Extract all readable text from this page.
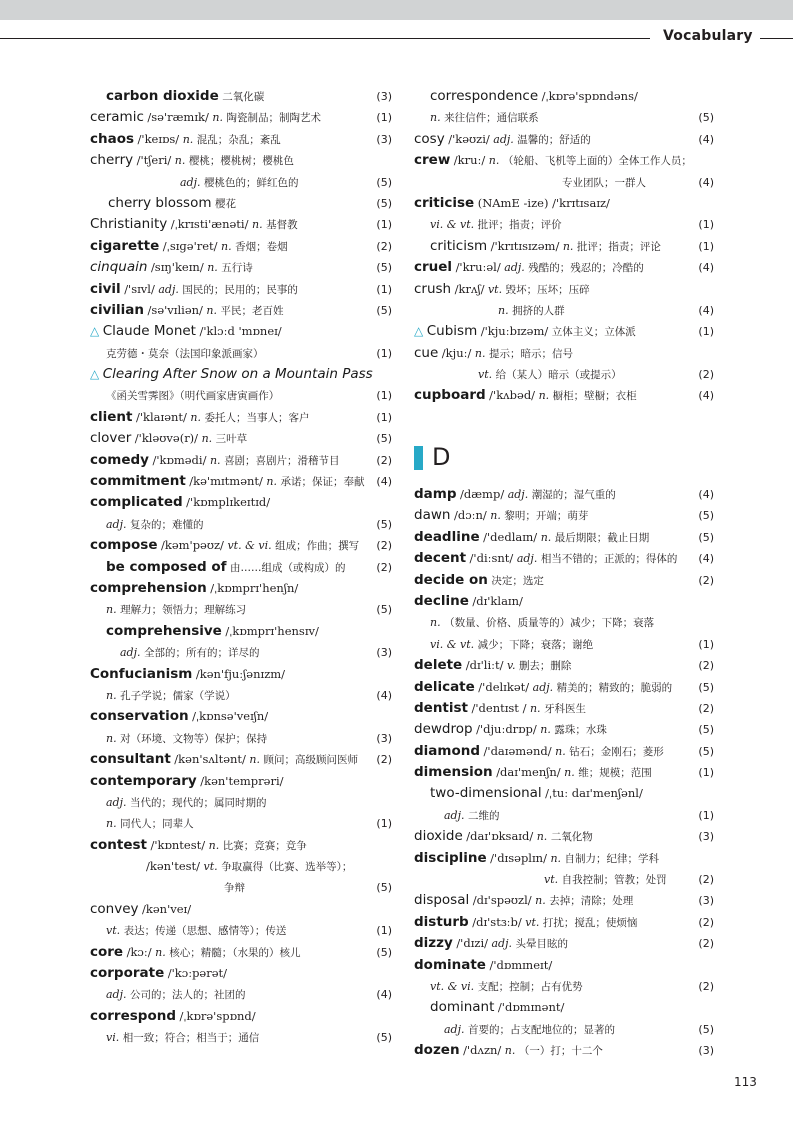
Vocabulary
carbon dioxide 二氧化碳	(3)
ceramic /sə'ræmɪk/ n. 陶瓷制品；制陶艺术	(1)
chaos /'keɪɒs/ n. 混乱；杂乱；紊乱	(3)
cherry /'tʃeri/ n. 樱桃；樱桃树；樱桃色
adj. 樱桃色的；鲜红色的	(5)
cherry blossom 樱花	(5)
Christianity /ˌkrɪsti'ænəti/ n. 基督教	(1)
cigarette /ˌsɪɡə'ret/ n. 香烟；卷烟	(2)
cinquain /sɪŋ'keɪn/ n. 五行诗	(5)
civil /'sɪvl/ adj. 国民的；民用的；民事的	(1)
civilian /sə'vɪliən/ n. 平民；老百姓	(5)
△ Claude Monet /'klɔːd 'mɒneɪ/
克劳德・莫奈（法国印象派画家）	(1)
△ Clearing After Snow on a Mountain Pass
《函关雪霁图》（明代画家唐寅画作）	(1)
client /'klaɪənt/ n. 委托人；当事人；客户	(1)
clover /'kləʊvə(r)/ n. 三叶草	(5)
comedy /'kɒmədi/ n. 喜剧；喜剧片；滑稽节目	(2)
commitment /kə'mɪtmənt/ n. 承诺；保证；奉献 (4)
complicated /'kɒmplɪkeɪtɪd/
adj. 复杂的；难懂的	(5)
compose /kəm'pəʊz/ vt. & vi. 组成；作曲；撰写 (2)
be composed of 由……组成（或构成）的	(2)
comprehension /ˌkɒmprɪ'henʃn/
n. 理解力；领悟力；理解练习	(5)
comprehensive /ˌkɒmprɪ'hensɪv/
adj. 全部的；所有的；详尽的	(3)
Confucianism /kən'fjuːʃənɪzm/
n. 孔子学说；儒家（学说）	(4)
conservation /ˌkɒnsə'veɪʃn/
n. 对（环境、文物等）保护；保持	(3)
consultant /kən'sʌltənt/ n. 顾问；高级顾问医师 (2)
contemporary /kən'temprəri/
adj. 当代的；现代的；属同时期的
n. 同代人；同辈人	(1)
contest /'kɒntest/ n. 比赛；竞赛；竞争
/kən'test/ vt. 争取赢得（比赛、选举等）；
争辩	(5)
convey /kən'veɪ/
vt. 表达；传递（思想、感情等）；传送	(1)
core /kɔː/ n. 核心；精髓；（水果的）核儿	(5)
corporate /'kɔːpərət/
adj. 公司的；法人的；社团的	(4)
correspond /ˌkɒrə'spɒnd/
vi. 相一致；符合；相当于；通信	(5)
correspondence /ˌkɒrə'spɒndəns/
n. 来往信件；通信联系	(5)
cosy /'kəʊzi/ adj. 温馨的；舒适的	(4)
crew /kruː/ n. （轮船、飞机等上面的）全体工作人员；
专业团队；一群人	(4)
criticise (NAmE -ize) /'krɪtɪsaɪz/
vi. & vt. 批评；指责；评价	(1)
criticism /'krɪtɪsɪzəm/ n. 批评；指责；评论	(1)
cruel /'kruːəl/ adj. 残酷的；残忍的；冷酷的	(4)
crush /krʌʃ/ vt. 毁坏；压坏；压碎
n. 拥挤的人群	(4)
△ Cubism /'kjuːbɪzəm/ 立体主义；立体派	(1)
cue /kjuː/ n. 提示；暗示；信号
vt. 给（某人）暗示（或提示）	(2)
cupboard /'kʌbəd/ n. 橱柜；壁橱；衣柜	(4)
D
damp /dæmp/ adj. 潮湿的；湿气重的	(4)
dawn /dɔːn/ n. 黎明；开端；萌芽	(5)
deadline /'dedlaɪn/ n. 最后期限；截止日期	(5)
decent /'diːsnt/ adj. 相当不错的；正派的；得体的 (4)
decide on 决定；选定	(2)
decline /dɪ'klaɪn/
n. （数量、价格、质量等的）减少；下降；衰落
vi. & vt. 减少；下降；衰落；谢绝	(1)
delete /dɪ'liːt/ v. 删去；删除	(2)
delicate /'delɪkət/ adj. 精美的；精致的；脆弱的 (5)
dentist /'dentɪst / n. 牙科医生	(2)
dewdrop /'djuːdrɒp/ n. 露珠；水珠	(5)
diamond /'daɪəmənd/ n. 钻石；金刚石；菱形	(5)
dimension /daɪ'menʃn/ n. 维；规模；范围	(1)
two-dimensional /ˌtuː daɪ'menʃənl/
adj. 二维的	(1)
dioxide /daɪ'ɒksaɪd/ n. 二氧化物	(3)
discipline /'dɪsəplɪn/ n. 自制力；纪律；学科
vt. 自我控制；管教；处罚	(2)
disposal /dɪ'spəʊzl/ n. 去掉；清除；处理	(3)
disturb /dɪ'stɜːb/ vt. 打扰；搅乱；使烦恼	(2)
dizzy /'dɪzi/ adj. 头晕目眩的	(2)
dominate /'dɒmɪneɪt/
vt. & vi. 支配；控制；占有优势	(2)
dominant /'dɒmɪnənt/
adj. 首要的；占支配地位的；显著的	(5)
dozen /'dʌzn/ n. （一）打；十二个	(3)
113
